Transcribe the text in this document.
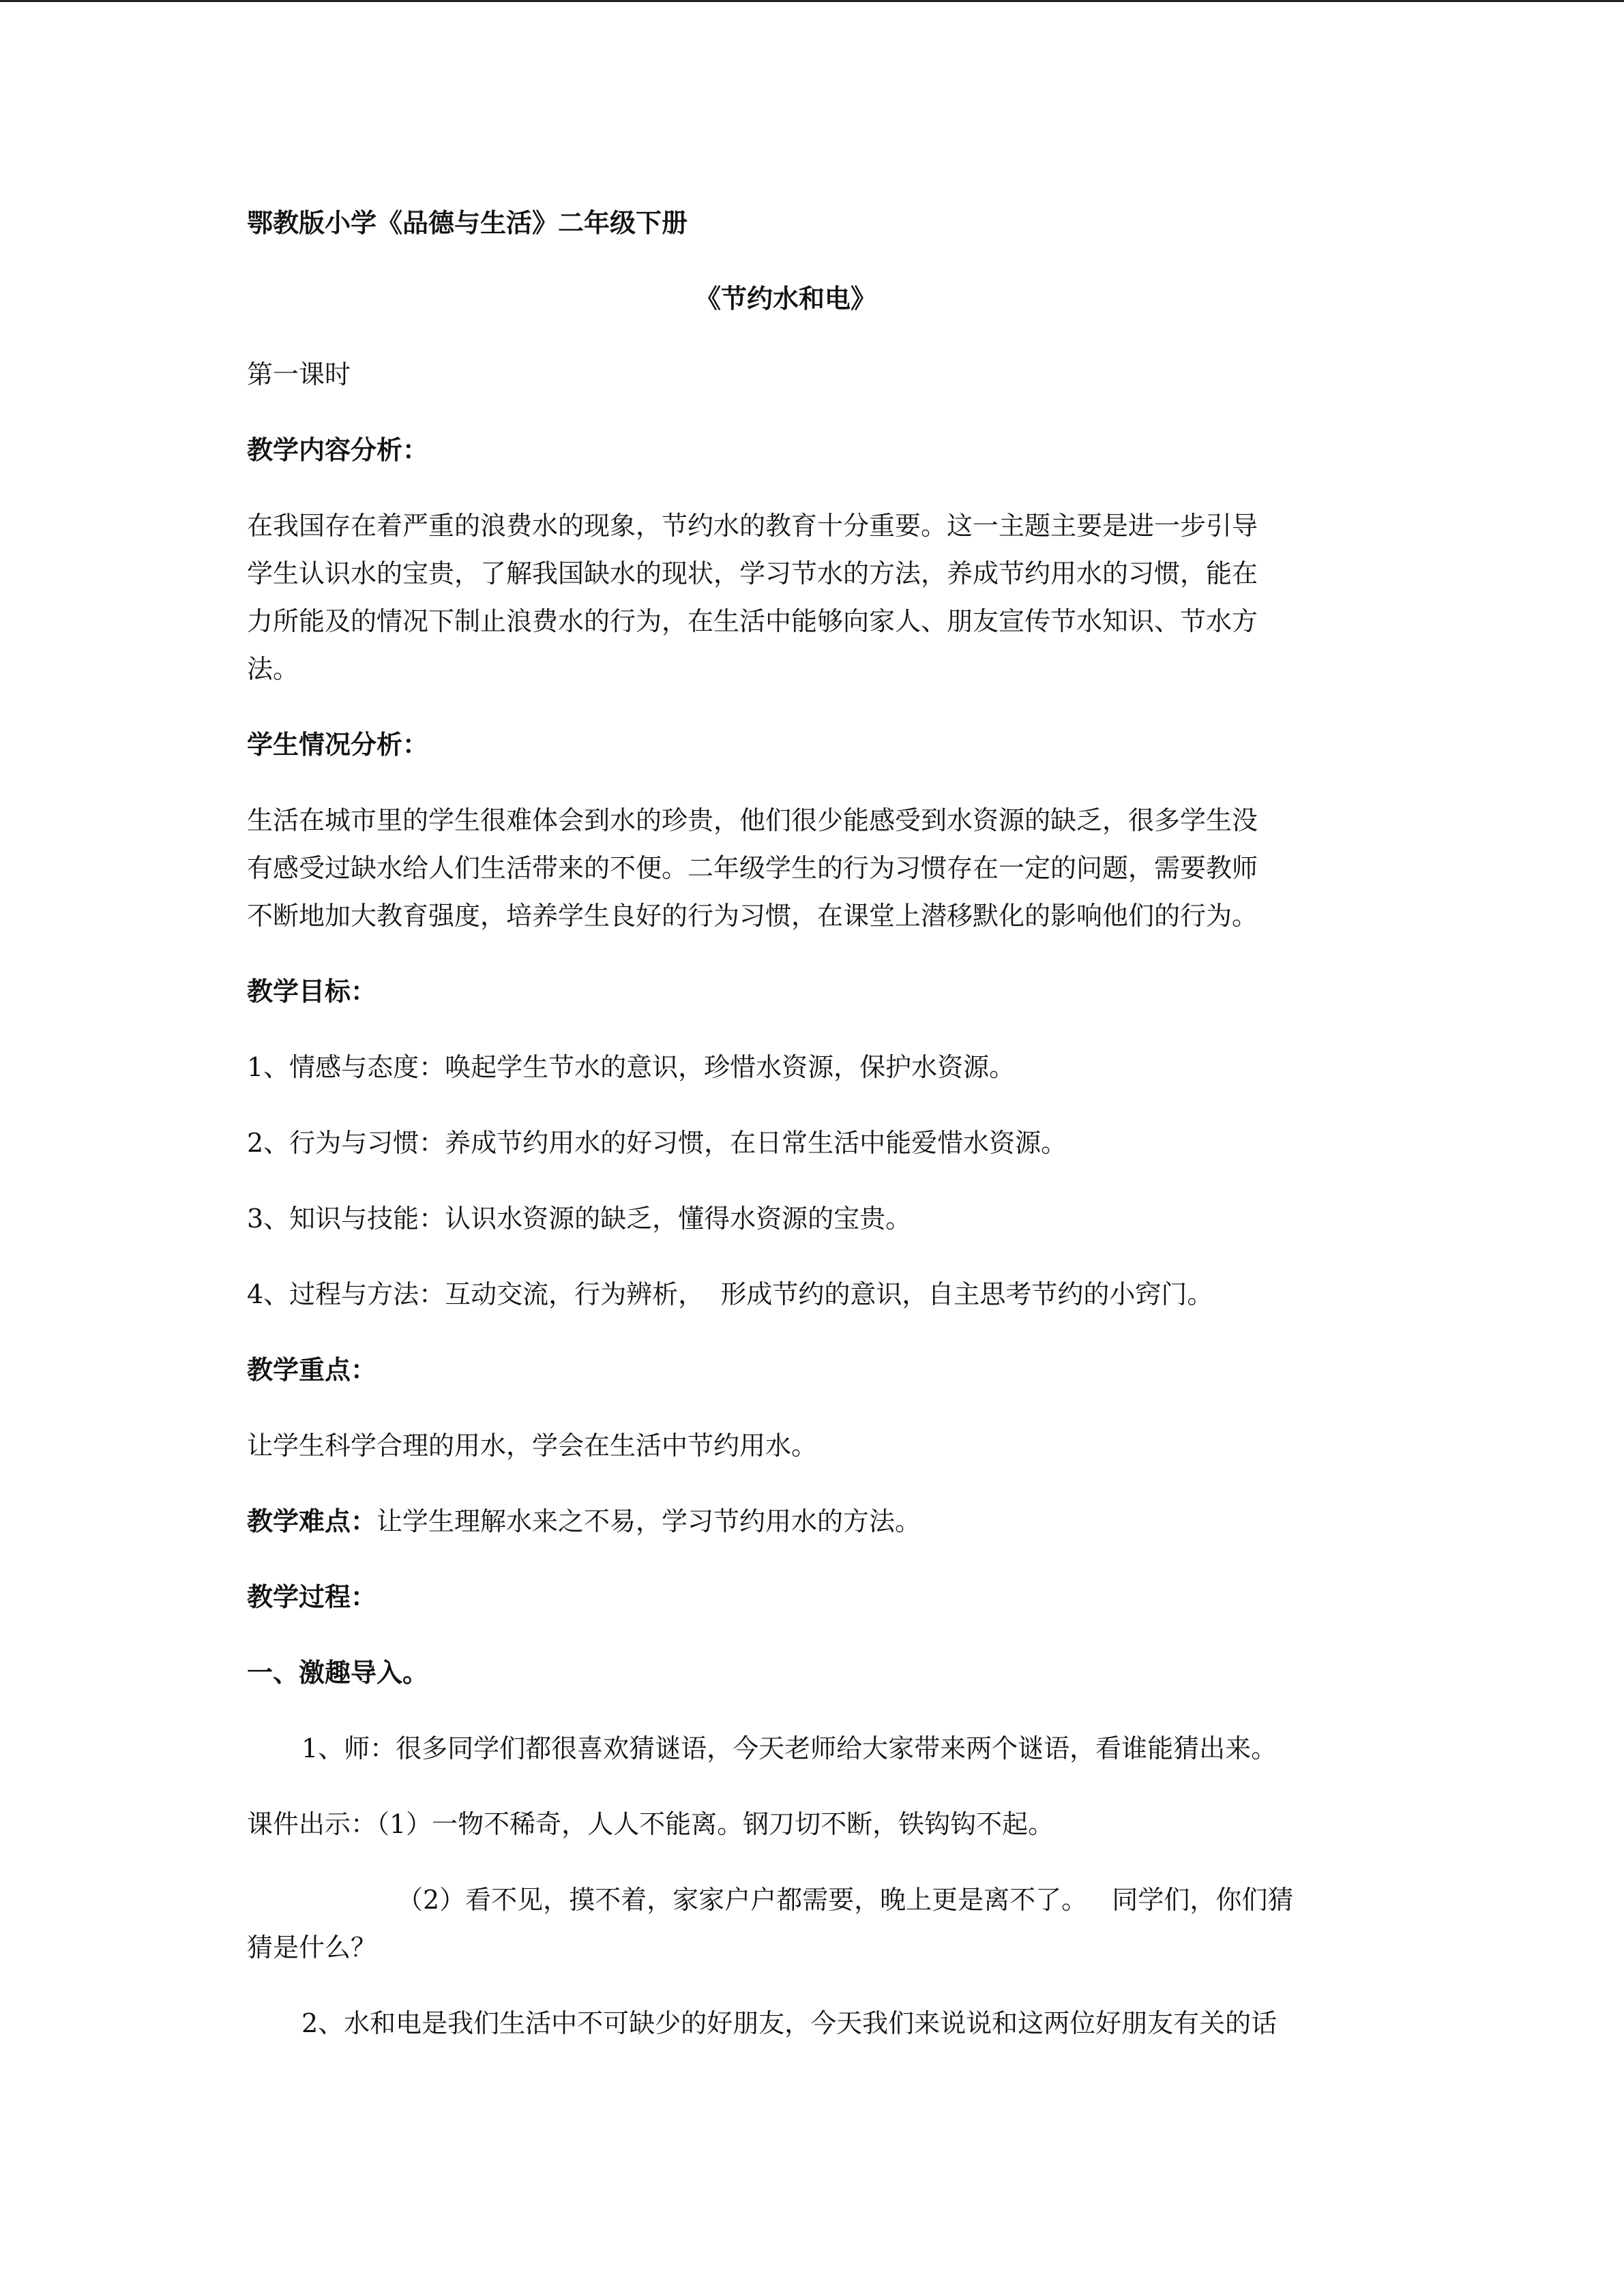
鄂教版小学《品德与生活》二年级下册

《节约水和电》

第一课时

教学内容分析：

在我国存在着严重的浪费水的现象，节约水的教育十分重要。这一主题主要是进一步引导

学生认识水的宝贵，了解我国缺水的现状，学习节水的方法，养成节约用水的习惯，能在

力所能及的情况下制止浪费水的行为，在生活中能够向家人、朋友宣传节水知识、节水方

法。

学生情况分析：

生活在城市里的学生很难体会到水的珍贵，他们很少能感受到水资源的缺乏，很多学生没

有感受过缺水给人们生活带来的不便。二年级学生的行为习惯存在一定的问题，需要教师

不断地加大教育强度，培养学生良好的行为习惯，在课堂上潜移默化的影响他们的行为。

教学目标：

1、情感与态度：唤起学生节水的意识，珍惜水资源，保护水资源。

2、行为与习惯：养成节约用水的好习惯，在日常生活中能爱惜水资源。

3、知识与技能：认识水资源的缺乏，懂得水资源的宝贵。

4、过程与方法：互动交流，行为辨析，  形成节约的意识，自主思考节约的小窍门。

教学重点：

让学生科学合理的用水，学会在生活中节约用水。

教学难点：让学生理解水来之不易，学习节约用水的方法。

教学过程：

一、激趣导入。

1、师：很多同学们都很喜欢猜谜语，今天老师给大家带来两个谜语，看谁能猜出来。

课件出示：（1）一物不稀奇，人人不能离。钢刀切不断，铁钩钩不起。

（2）看不见，摸不着，家家户户都需要，晚上更是离不了。   同学们，你们猜

猜是什么？

2、水和电是我们生活中不可缺少的好朋友，今天我们来说说和这两位好朋友有关的话
